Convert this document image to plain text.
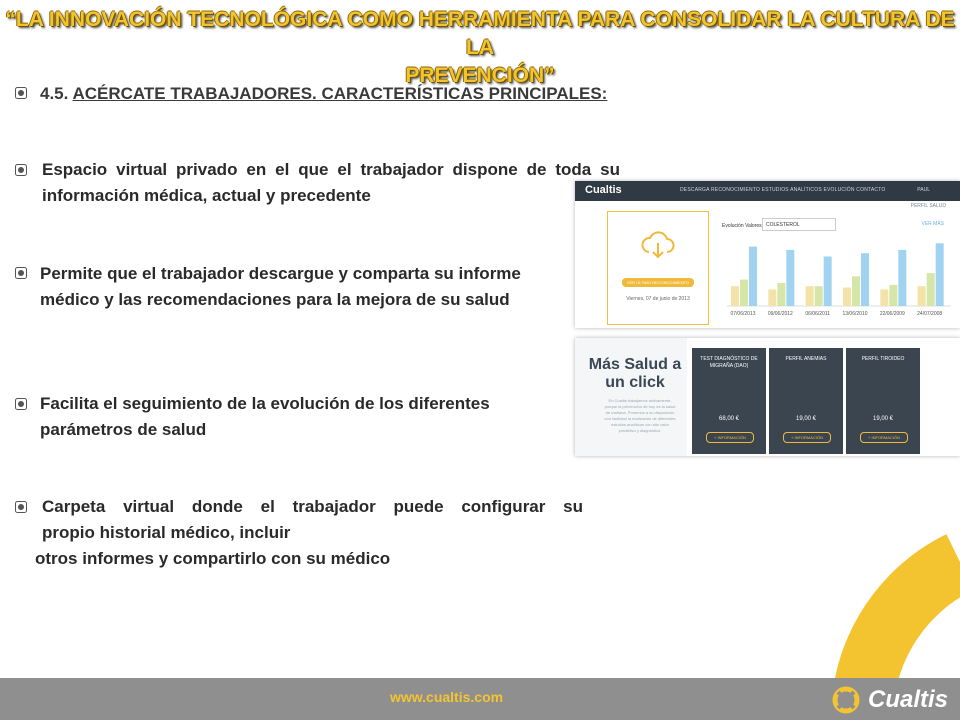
“LA INNOVACIÓN TECNOLÓGICA COMO HERRAMIENTA PARA CONSOLIDAR LA CULTURA DE LA
PREVENCIÓN”
4.5. ACÉRCATE TRABAJADORES. CARACTERÍSTICAS PRINCIPALES:
Espacio virtual privado en el que el trabajador dispone de toda su
información médica, actual y precedente
Permite que el trabajador descargue y comparta su informe
médico y las recomendaciones para la mejora de su salud
Facilita el seguimiento de la evolución de los diferentes
parámetros de salud
Carpeta virtual donde el trabajador puede configurar su
propio historial médico, incluir
otros informes y compartirlo con su médico
Cualtis	DESCARGA RECONOCIMIENTO ESTUDIOS ANALÍTICOS EVOLUCIÓN CONTACTO	PAUL
PERFIL SALUD
VER ÚLTIMO RECONOCIMIENTO MÉDICO
Viernes, 07 de junio de 2013
Evolución Valores COLESTEROL	VER MÁS
07/06/2013 09/06/2012 06/06/2011 13/06/2010 22/06/2009 24/07/2008
Más Salud a un click
En Cualtis trabajamos activamente, porque la prevención de hoy es la salud de mañana. Ponemos a su disposición con facilidad la realización de diferentes estudios analíticos con alto valor predictivo y diagnóstico.
TEST DIAGNÓSTICO DE MIGRAÑA (DAO)
68,00 €
+ INFORMACIÓN
PERFIL ANEMIAS
19,00 €
+ INFORMACIÓN
PERFIL TIROIDEO
19,00 €
+ INFORMACIÓN
www.cualtis.com	Cualtis
